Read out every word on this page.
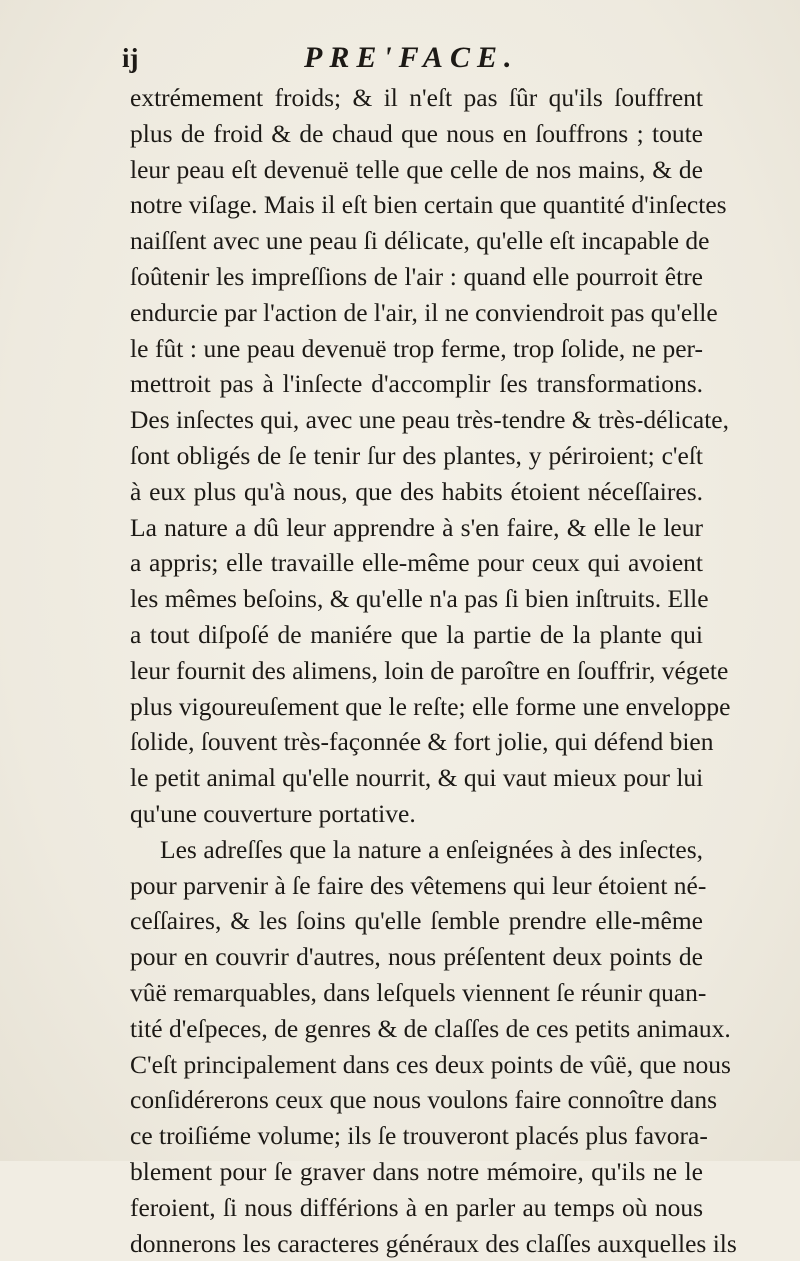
ij	PRE'FACE.
extrémement froids; & il n'eſt pas ſûr qu'ils ſouffrent
plus de froid & de chaud que nous en ſouffrons ; toute
leur peau eſt devenuë telle que celle de nos mains, & de
notre viſage. Mais il eſt bien certain que quantité d'inſectes
naiſſent avec une peau ſi délicate, qu'elle eſt incapable de
ſoûtenir les impreſſions de l'air : quand elle pourroit être
endurcie par l'action de l'air, il ne conviendroit pas qu'elle
le fût : une peau devenuë trop ferme, trop ſolide, ne per-
mettroit pas à l'inſecte d'accomplir ſes transformations.
Des inſectes qui, avec une peau très-tendre & très-délicate,
ſont obligés de ſe tenir ſur des plantes, y périroient; c'eſt
à eux plus qu'à nous, que des habits étoient néceſſaires.
La nature a dû leur apprendre à s'en faire, & elle le leur
a appris; elle travaille elle-même pour ceux qui avoient
les mêmes beſoins, & qu'elle n'a pas ſi bien inſtruits. Elle
a tout diſpoſé de maniére que la partie de la plante qui
leur fournit des alimens, loin de paroître en ſouffrir, végete
plus vigoureuſement que le reſte; elle forme une enveloppe
ſolide, ſouvent très-façonnée & fort jolie, qui défend bien
le petit animal qu'elle nourrit, & qui vaut mieux pour lui
qu'une couverture portative.
Les adreſſes que la nature a enſeignées à des inſectes,
pour parvenir à ſe faire des vêtemens qui leur étoient né-
ceſſaires, & les ſoins qu'elle ſemble prendre elle-même
pour en couvrir d'autres, nous préſentent deux points de
vûë remarquables, dans leſquels viennent ſe réunir quan-
tité d'eſpeces, de genres & de claſſes de ces petits animaux.
C'eſt principalement dans ces deux points de vûë, que nous
conſidérerons ceux que nous voulons faire connoître dans
ce troiſiéme volume; ils ſe trouveront placés plus favora-
blement pour ſe graver dans notre mémoire, qu'ils ne le
feroient, ſi nous différions à en parler au temps où nous
donnerons les caracteres généraux des claſſes auxquelles ils
